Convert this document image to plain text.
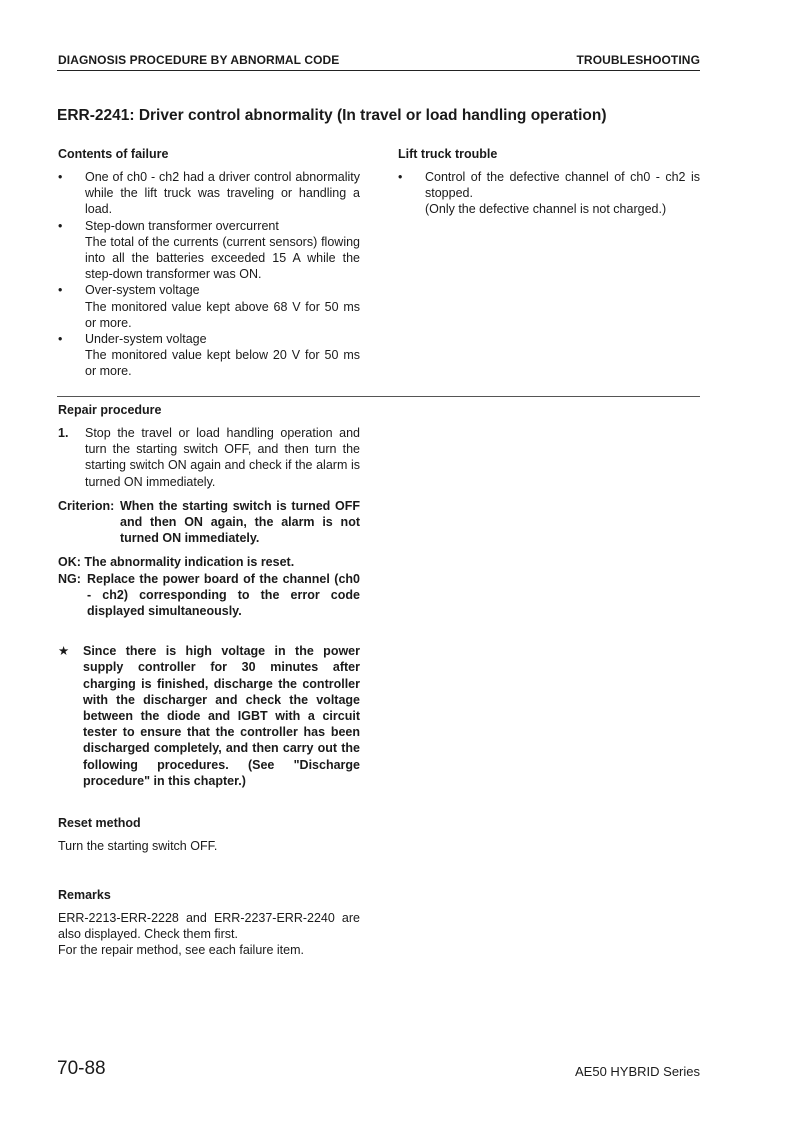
DIAGNOSIS PROCEDURE BY ABNORMAL CODE	TROUBLESHOOTING
ERR-2241: Driver control abnormality (In travel or load handling operation)

Contents of failure

• One of ch0 - ch2 had a driver control abnormality while the lift truck was traveling or handling a load.
• Step-down transformer overcurrent
The total of the currents (current sensors) flowing into all the batteries exceeded 15 A while the step-down transformer was ON.
• Over-system voltage
The monitored value kept above 68 V for 50 ms or more.
• Under-system voltage
The monitored value kept below 20 V for 50 ms or more.

Lift truck trouble

• Control of the defective channel of ch0 - ch2 is stopped.
(Only the defective channel is not charged.)

Repair procedure

1. Stop the travel or load handling operation and turn the starting switch OFF, and then turn the starting switch ON again and check if the alarm is turned ON immediately.
Criterion: When the starting switch is turned OFF and then ON again, the alarm is not turned ON immediately.
OK: The abnormality indication is reset.
NG: Replace the power board of the channel (ch0 - ch2) corresponding to the error code displayed simultaneously.
★ Since there is high voltage in the power supply controller for 30 minutes after charging is finished, discharge the controller with the discharger and check the voltage between the diode and IGBT with a circuit tester to ensure that the controller has been discharged completely, and then carry out the following procedures. (See "Discharge procedure" in this chapter.)

Reset method

Turn the starting switch OFF.

Remarks

ERR-2213-ERR-2228 and ERR-2237-ERR-2240 are also displayed. Check them first.
For the repair method, see each failure item.
70-88	AE50 HYBRID Series
